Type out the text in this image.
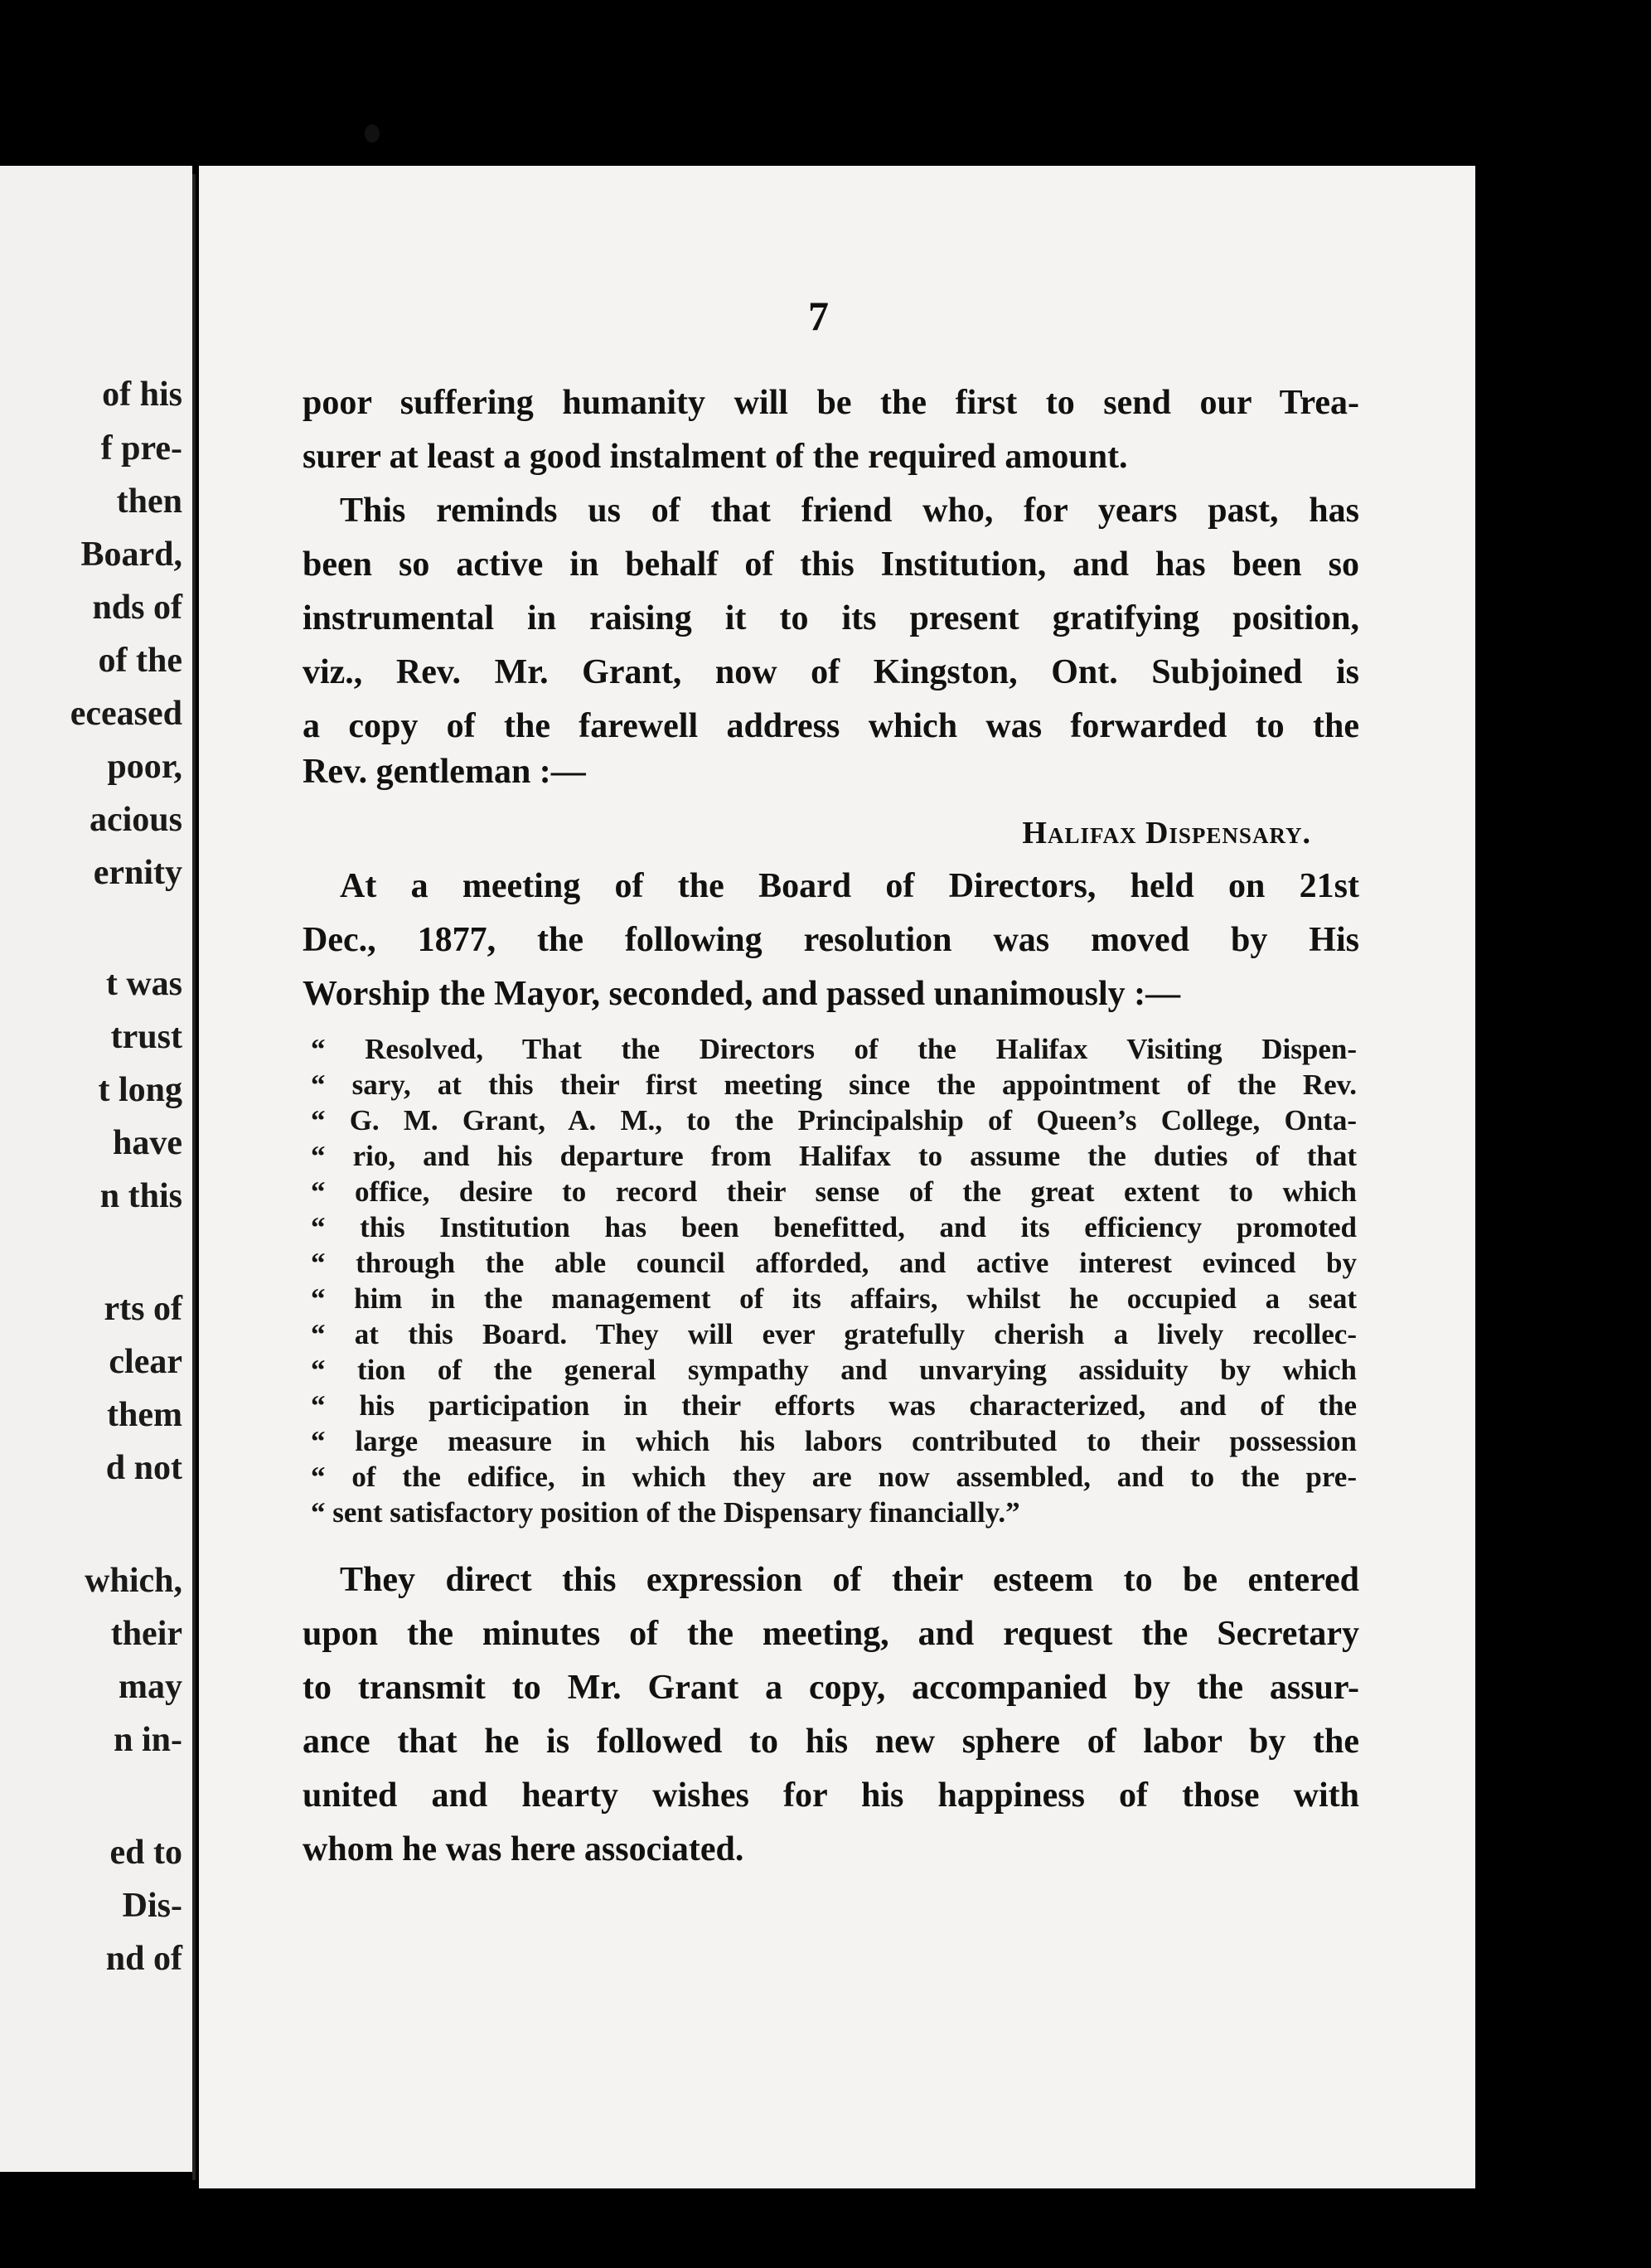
of his
f pre-
then
Board,
nds of
of the
eceased
poor,
acious
ernity
t was
trust
t long
have
n this
rts of
clear
them
d not
which,
their
may
n in-
ed to
Dis-
nd of
7
poor suffering humanity will be the first to send our Trea-
surer at least a good instalment of the required amount.
This reminds us of that friend who, for years past, has
been so active in behalf of this Institution, and has been so
instrumental in raising it to its present gratifying position,
viz., Rev. Mr. Grant, now of Kingston, Ont. Subjoined is
a copy of the farewell address which was forwarded to the
Rev. gentleman :—
Halifax Dispensary.
At a meeting of the Board of Directors, held on 21st
Dec., 1877, the following resolution was moved by His
Worship the Mayor, seconded, and passed unanimously :—
“ Resolved, That the Directors of the Halifax Visiting Dispen-
“ sary, at this their first meeting since the appointment of the Rev.
“ G. M. Grant, A. M., to the Principalship of Queen’s College, Onta-
“ rio, and his departure from Halifax to assume the duties of that
“ office, desire to record their sense of the great extent to which
“ this Institution has been benefitted, and its efficiency promoted
“ through the able council afforded, and active interest evinced by
“ him in the management of its affairs, whilst he occupied a seat
“ at this Board. They will ever gratefully cherish a lively recollec-
“ tion of the general sympathy and unvarying assiduity by which
“ his participation in their efforts was characterized, and of the
“ large measure in which his labors contributed to their possession
“ of the edifice, in which they are now assembled, and to the pre-
“ sent satisfactory position of the Dispensary financially.”
They direct this expression of their esteem to be entered
upon the minutes of the meeting, and request the Secretary
to transmit to Mr. Grant a copy, accompanied by the assur-
ance that he is followed to his new sphere of labor by the
united and hearty wishes for his happiness of those with
whom he was here associated.
